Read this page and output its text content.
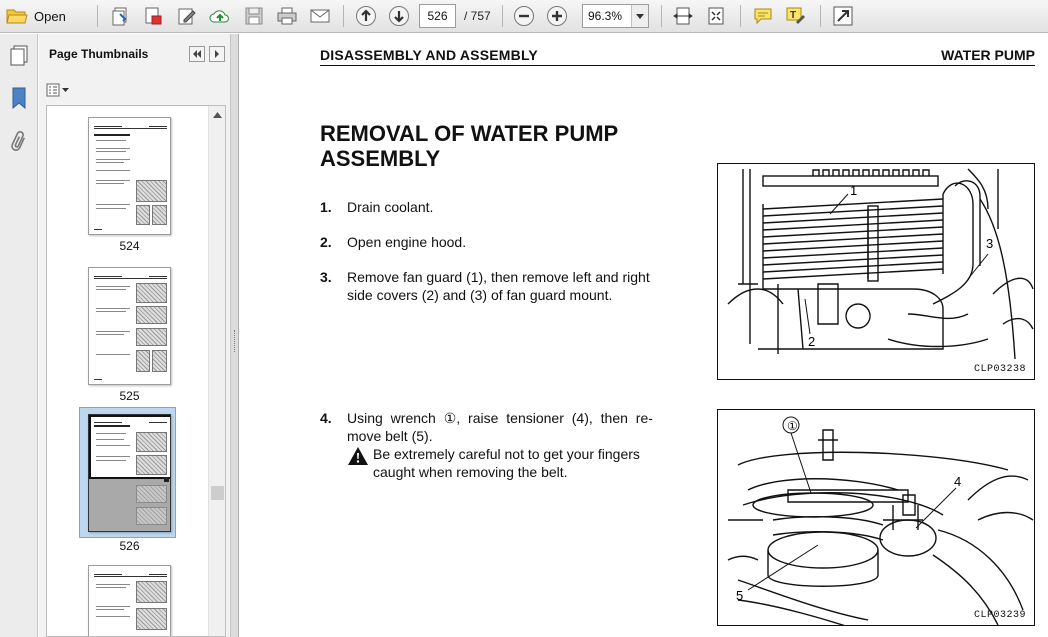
Open	526	/ 757	96.3%	T
Page Thumbnails
524
525
526
DISASSEMBLY AND ASSEMBLY	WATER PUMP
REMOVAL OF WATER PUMP
ASSEMBLY
1. Drain coolant.
2. Open engine hood.
3. Remove fan guard (1), then remove left and right
side covers (2) and (3) of fan guard mount.
4. Using wrench ①, raise tensioner (4), then re-
move belt (5).
Be extremely careful not to get your fingers
caught when removing the belt.
1
2
3
CLP03238
①
4
5
CLP03239
